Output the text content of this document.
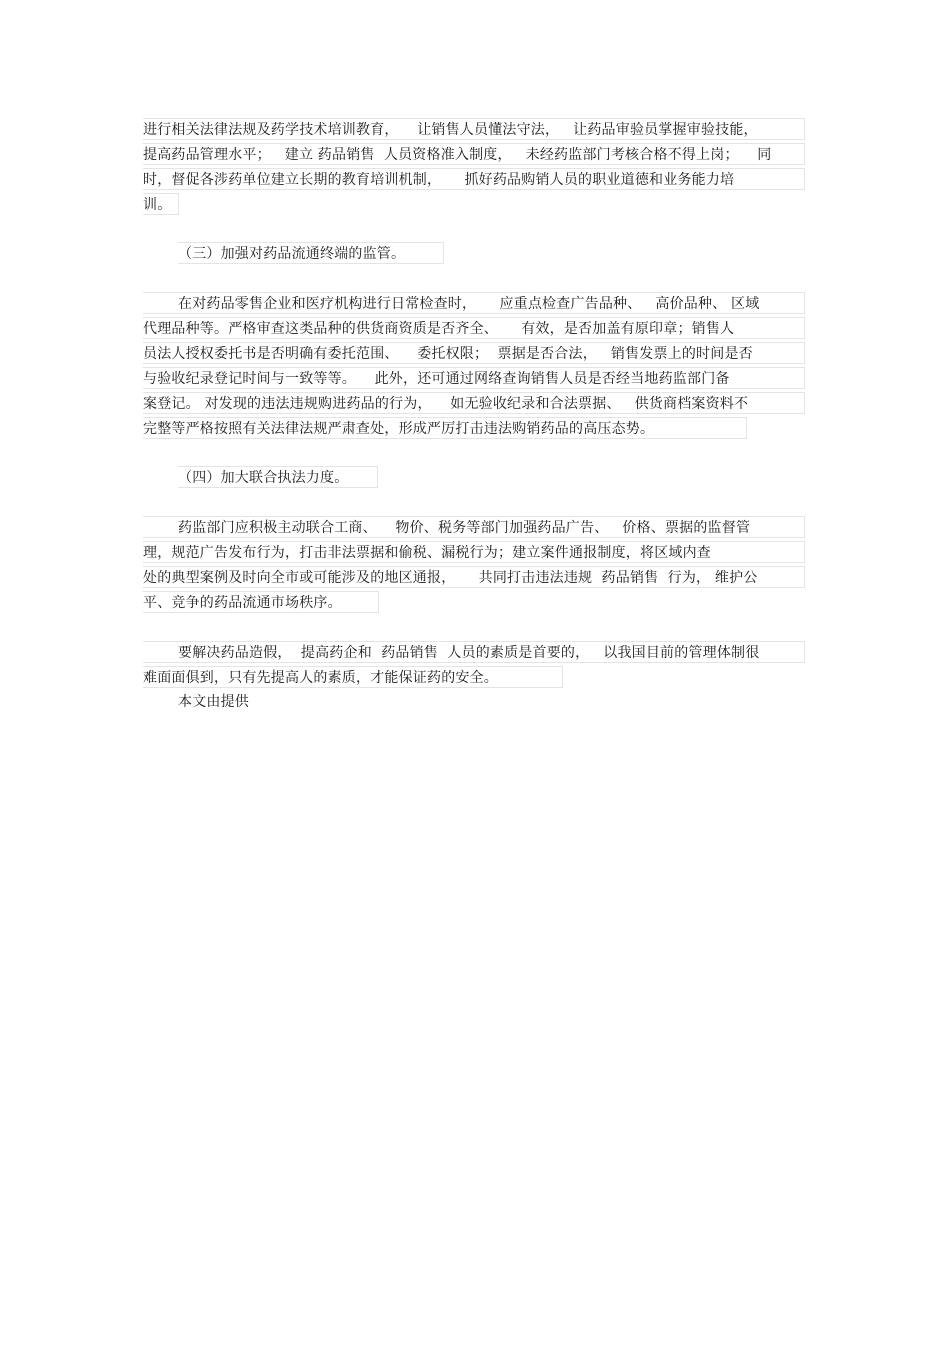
进行相关法律法规及药学技术培训教育，    让销售人员懂法守法，   让药品审验员掌握审验技能，
提高药品管理水平；   建立 药品销售  人员资格准入制度，   未经药监部门考核合格不得上岗；    同
时，督促各涉药单位建立长期的教育培训机制，     抓好药品购销人员的职业道德和业务能力培
训。
（三）加强对药品流通终端的监管。
在对药品零售企业和医疗机构进行日常检查时，     应重点检查广告品种、   高价品种、 区域
代理品种等。严格审查这类品种的供货商资质是否齐全、     有效，是否加盖有原印章；销售人
员法人授权委托书是否明确有委托范围、    委托权限；  票据是否合法，   销售发票上的时间是否
与验收纪录登记时间与一致等等。    此外，还可通过网络查询销售人员是否经当地药监部门备
案登记。 对发现的违法违规购进药品的行为，    如无验收纪录和合法票据、   供货商档案资料不
完整等严格按照有关法律法规严肃查处，形成严厉打击违法购销药品的高压态势。
（四）加大联合执法力度。
药监部门应积极主动联合工商、    物价、税务等部门加强药品广告、   价格、票据的监督管
理，规范广告发布行为，打击非法票据和偷税、漏税行为；建立案件通报制度，将区域内查
处的典型案例及时向全市或可能涉及的地区通报，     共同打击违法违规  药品销售  行为， 维护公
平、竞争的药品流通市场秩序。
要解决药品造假，  提高药企和  药品销售  人员的素质是首要的，   以我国目前的管理体制很
难面面俱到，只有先提高人的素质，才能保证药的安全。
本文由提供
